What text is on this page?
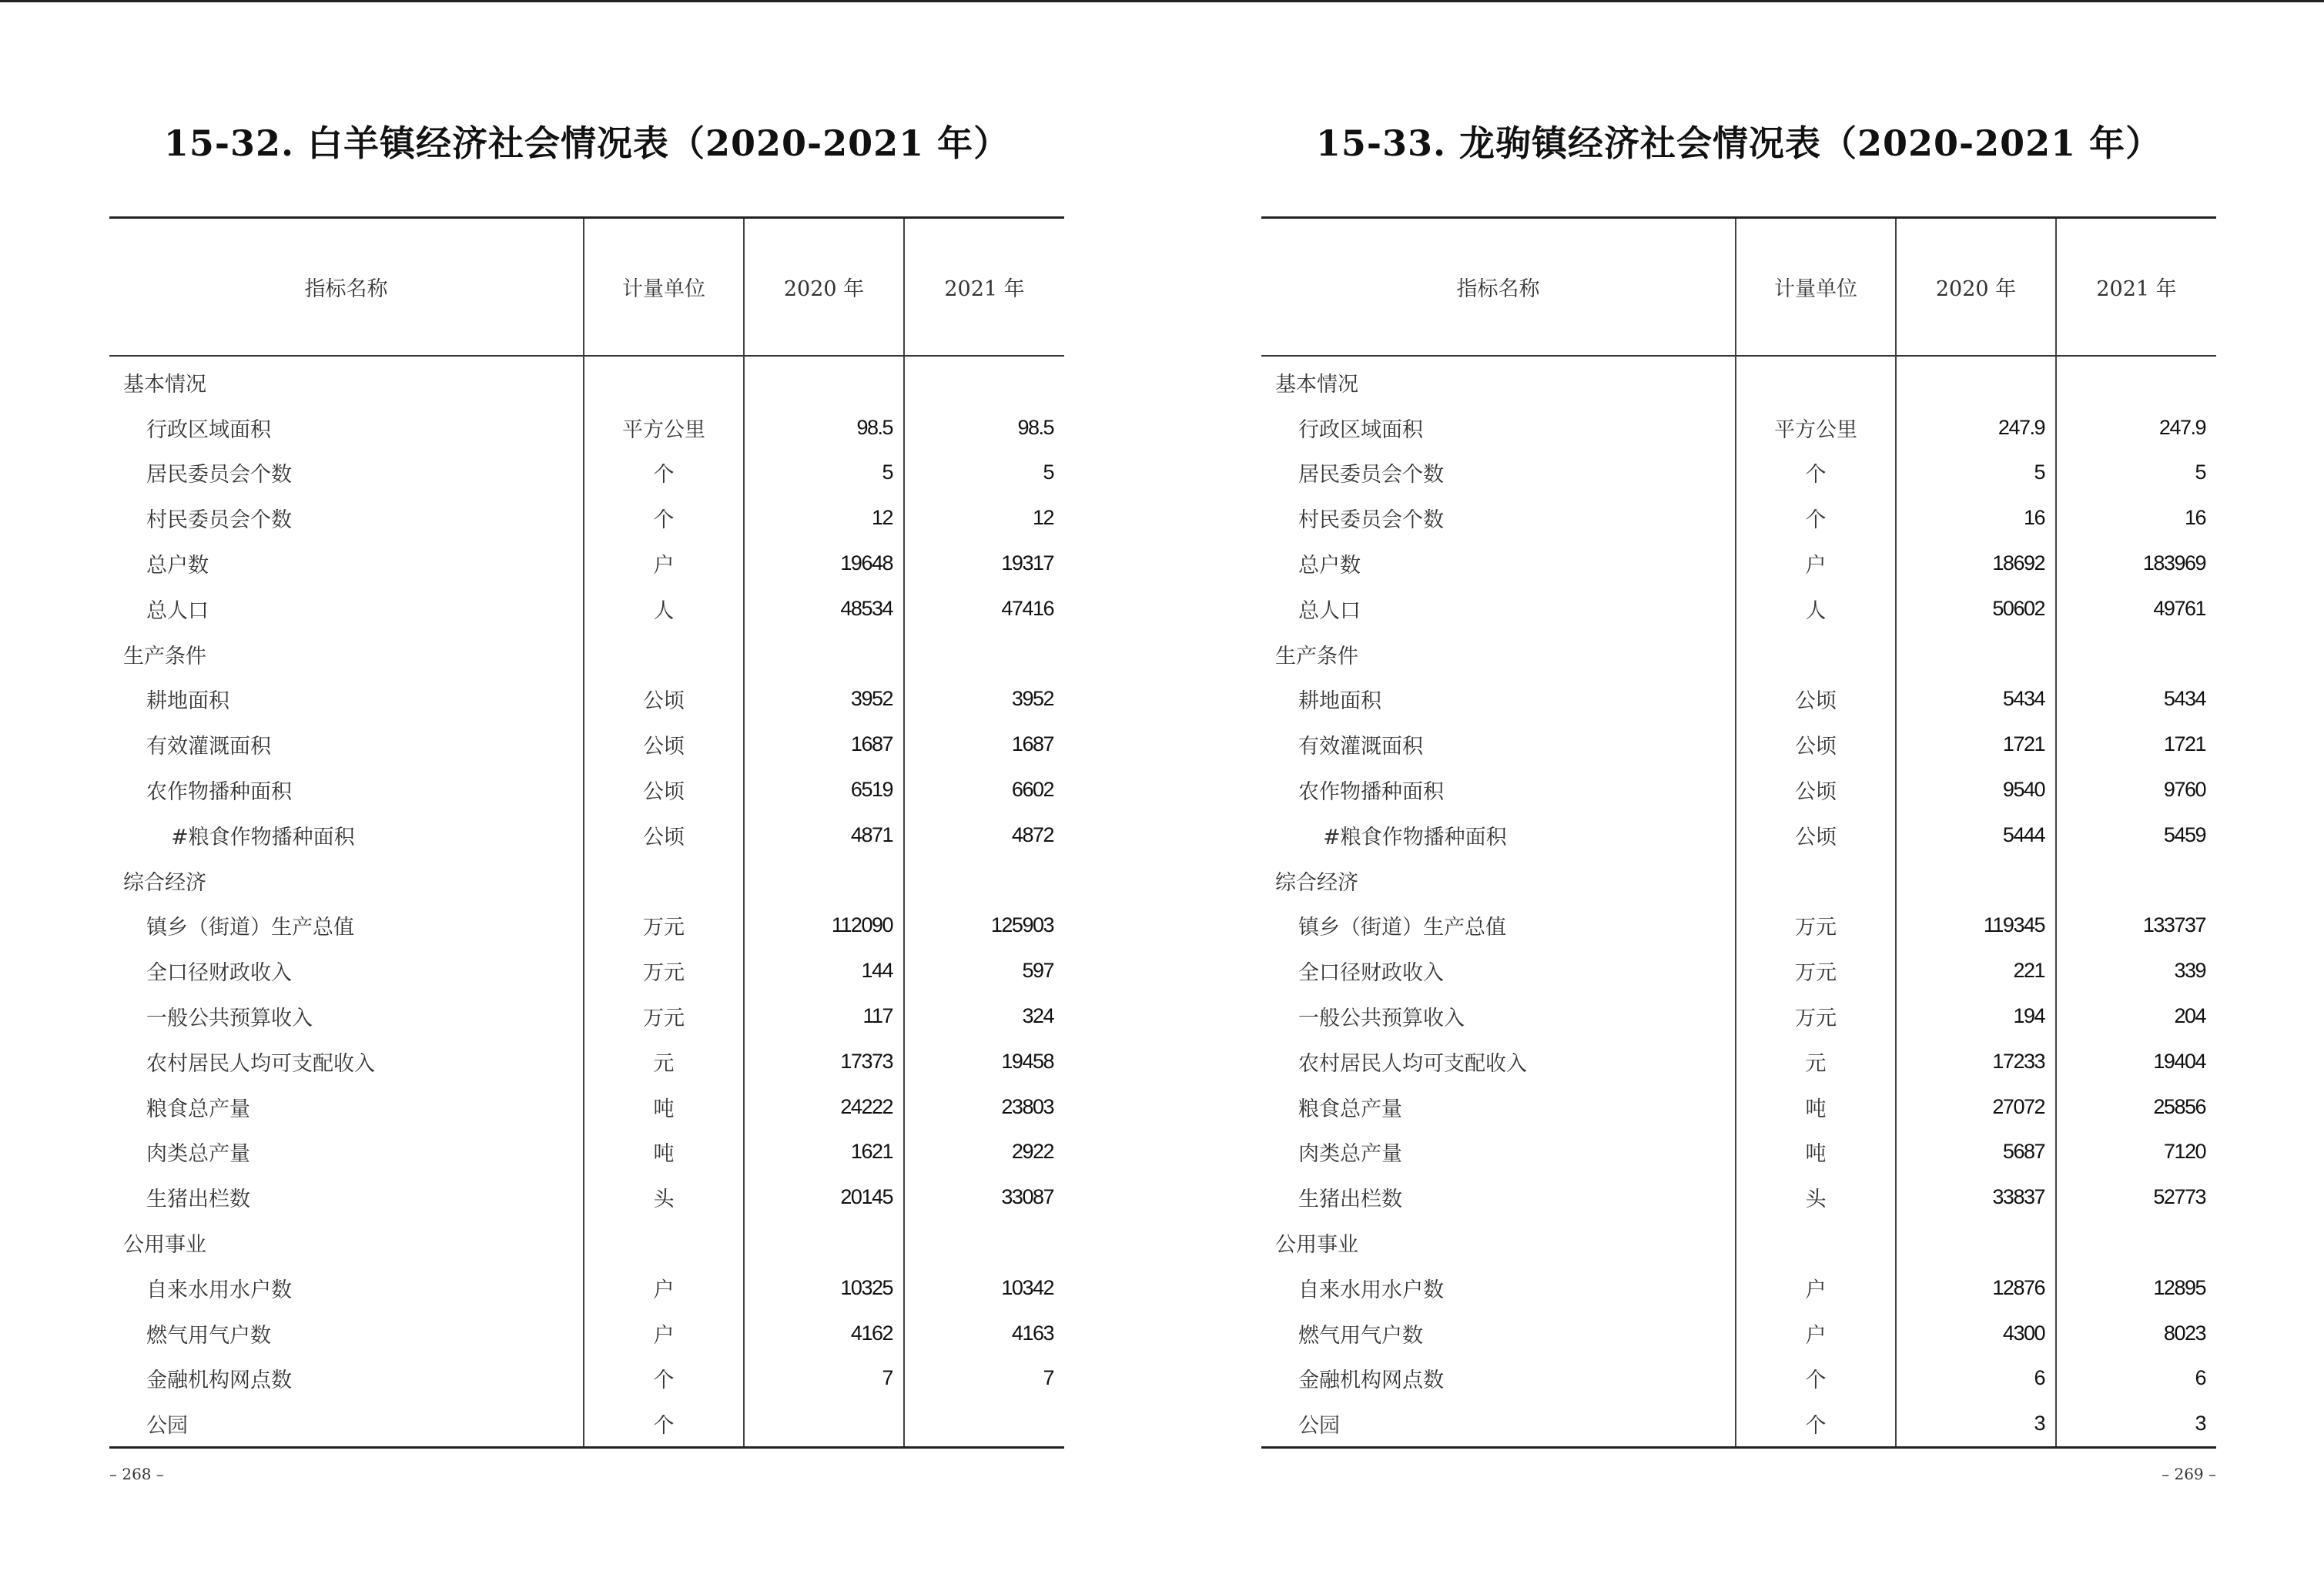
15-32. 白羊镇经济社会情况表（2020-2021 年）
指标名称	计量单位	2020 年	2021 年
基本情况			
行政区域面积	平方公里	98.5	98.5
居民委员会个数	个	5	5
村民委员会个数	个	12	12
总户数	户	19648	19317
总人口	人	48534	47416
生产条件			
耕地面积	公顷	3952	3952
有效灌溉面积	公顷	1687	1687
农作物播种面积	公顷	6519	6602
#粮食作物播种面积	公顷	4871	4872
综合经济			
镇乡（街道）生产总值	万元	112090	125903
全口径财政收入	万元	144	597
一般公共预算收入	万元	117	324
农村居民人均可支配收入	元	17373	19458
粮食总产量	吨	24222	23803
肉类总产量	吨	1621	2922
生猪出栏数	头	20145	33087
公用事业			
自来水用水户数	户	10325	10342
燃气用气户数	户	4162	4163
金融机构网点数	个	7	7
公园	个		
– 268 –
15-33. 龙驹镇经济社会情况表（2020-2021 年）
指标名称	计量单位	2020 年	2021 年
基本情况			
行政区域面积	平方公里	247.9	247.9
居民委员会个数	个	5	5
村民委员会个数	个	16	16
总户数	户	18692	183969
总人口	人	50602	49761
生产条件			
耕地面积	公顷	5434	5434
有效灌溉面积	公顷	1721	1721
农作物播种面积	公顷	9540	9760
#粮食作物播种面积	公顷	5444	5459
综合经济			
镇乡（街道）生产总值	万元	119345	133737
全口径财政收入	万元	221	339
一般公共预算收入	万元	194	204
农村居民人均可支配收入	元	17233	19404
粮食总产量	吨	27072	25856
肉类总产量	吨	5687	7120
生猪出栏数	头	33837	52773
公用事业			
自来水用水户数	户	12876	12895
燃气用气户数	户	4300	8023
金融机构网点数	个	6	6
公园	个	3	3
– 269 –
